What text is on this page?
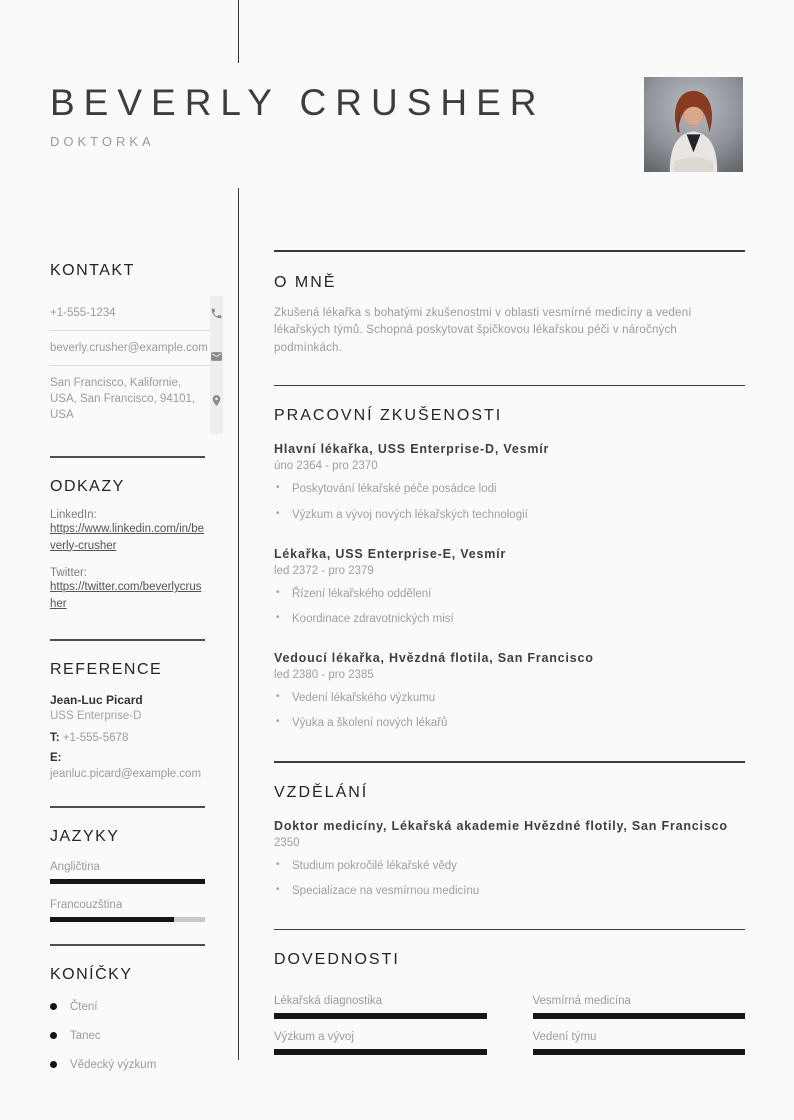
BEVERLY CRUSHER
DOKTORKA
KONTAKT
+1-555-1234
beverly.crusher@example.com
San Francisco, Kalifornie, USA, San Francisco, 94101, USA
ODKAZY
LinkedIn:
https://www.linkedin.com/in/beverly-crusher
Twitter:
https://twitter.com/beverlycrusher
REFERENCE
Jean-Luc Picard
USS Enterprise-D
T: +1-555-5678
E: jeanluc.picard@example.com
JAZYKY
Angličtina
Francouzština
KONÍČKY
Čtení
Tanec
Vědecký výzkum
O MNĚ
Zkušená lékařka s bohatými zkušenostmi v oblasti vesmírné medicíny a vedení lékařských týmů. Schopná poskytovat špičkovou lékařskou péči v náročných podmínkách.
PRACOVNÍ ZKUŠENOSTI
Hlavní lékařka, USS Enterprise-D, Vesmír
úno 2364 - pro 2370
• Poskytování lékařské péče posádce lodi
• Výzkum a vývoj nových lékařských technologií
Lékařka, USS Enterprise-E, Vesmír
led 2372 - pro 2379
• Řízení lékařského oddělení
• Koordinace zdravotnických misí
Vedoucí lékařka, Hvězdná flotila, San Francisco
led 2380 - pro 2385
• Vedení lékařského výzkumu
• Výuka a školení nových lékařů
VZDĚLÁNÍ
Doktor medicíny, Lékařská akademie Hvězdné flotily, San Francisco
2350
• Studium pokročilé lékařské vědy
• Specializace na vesmírnou medicínu
DOVEDNOSTI
Lékařská diagnostika	Vesmírná medicína
Výzkum a vývoj	Vedení týmu
